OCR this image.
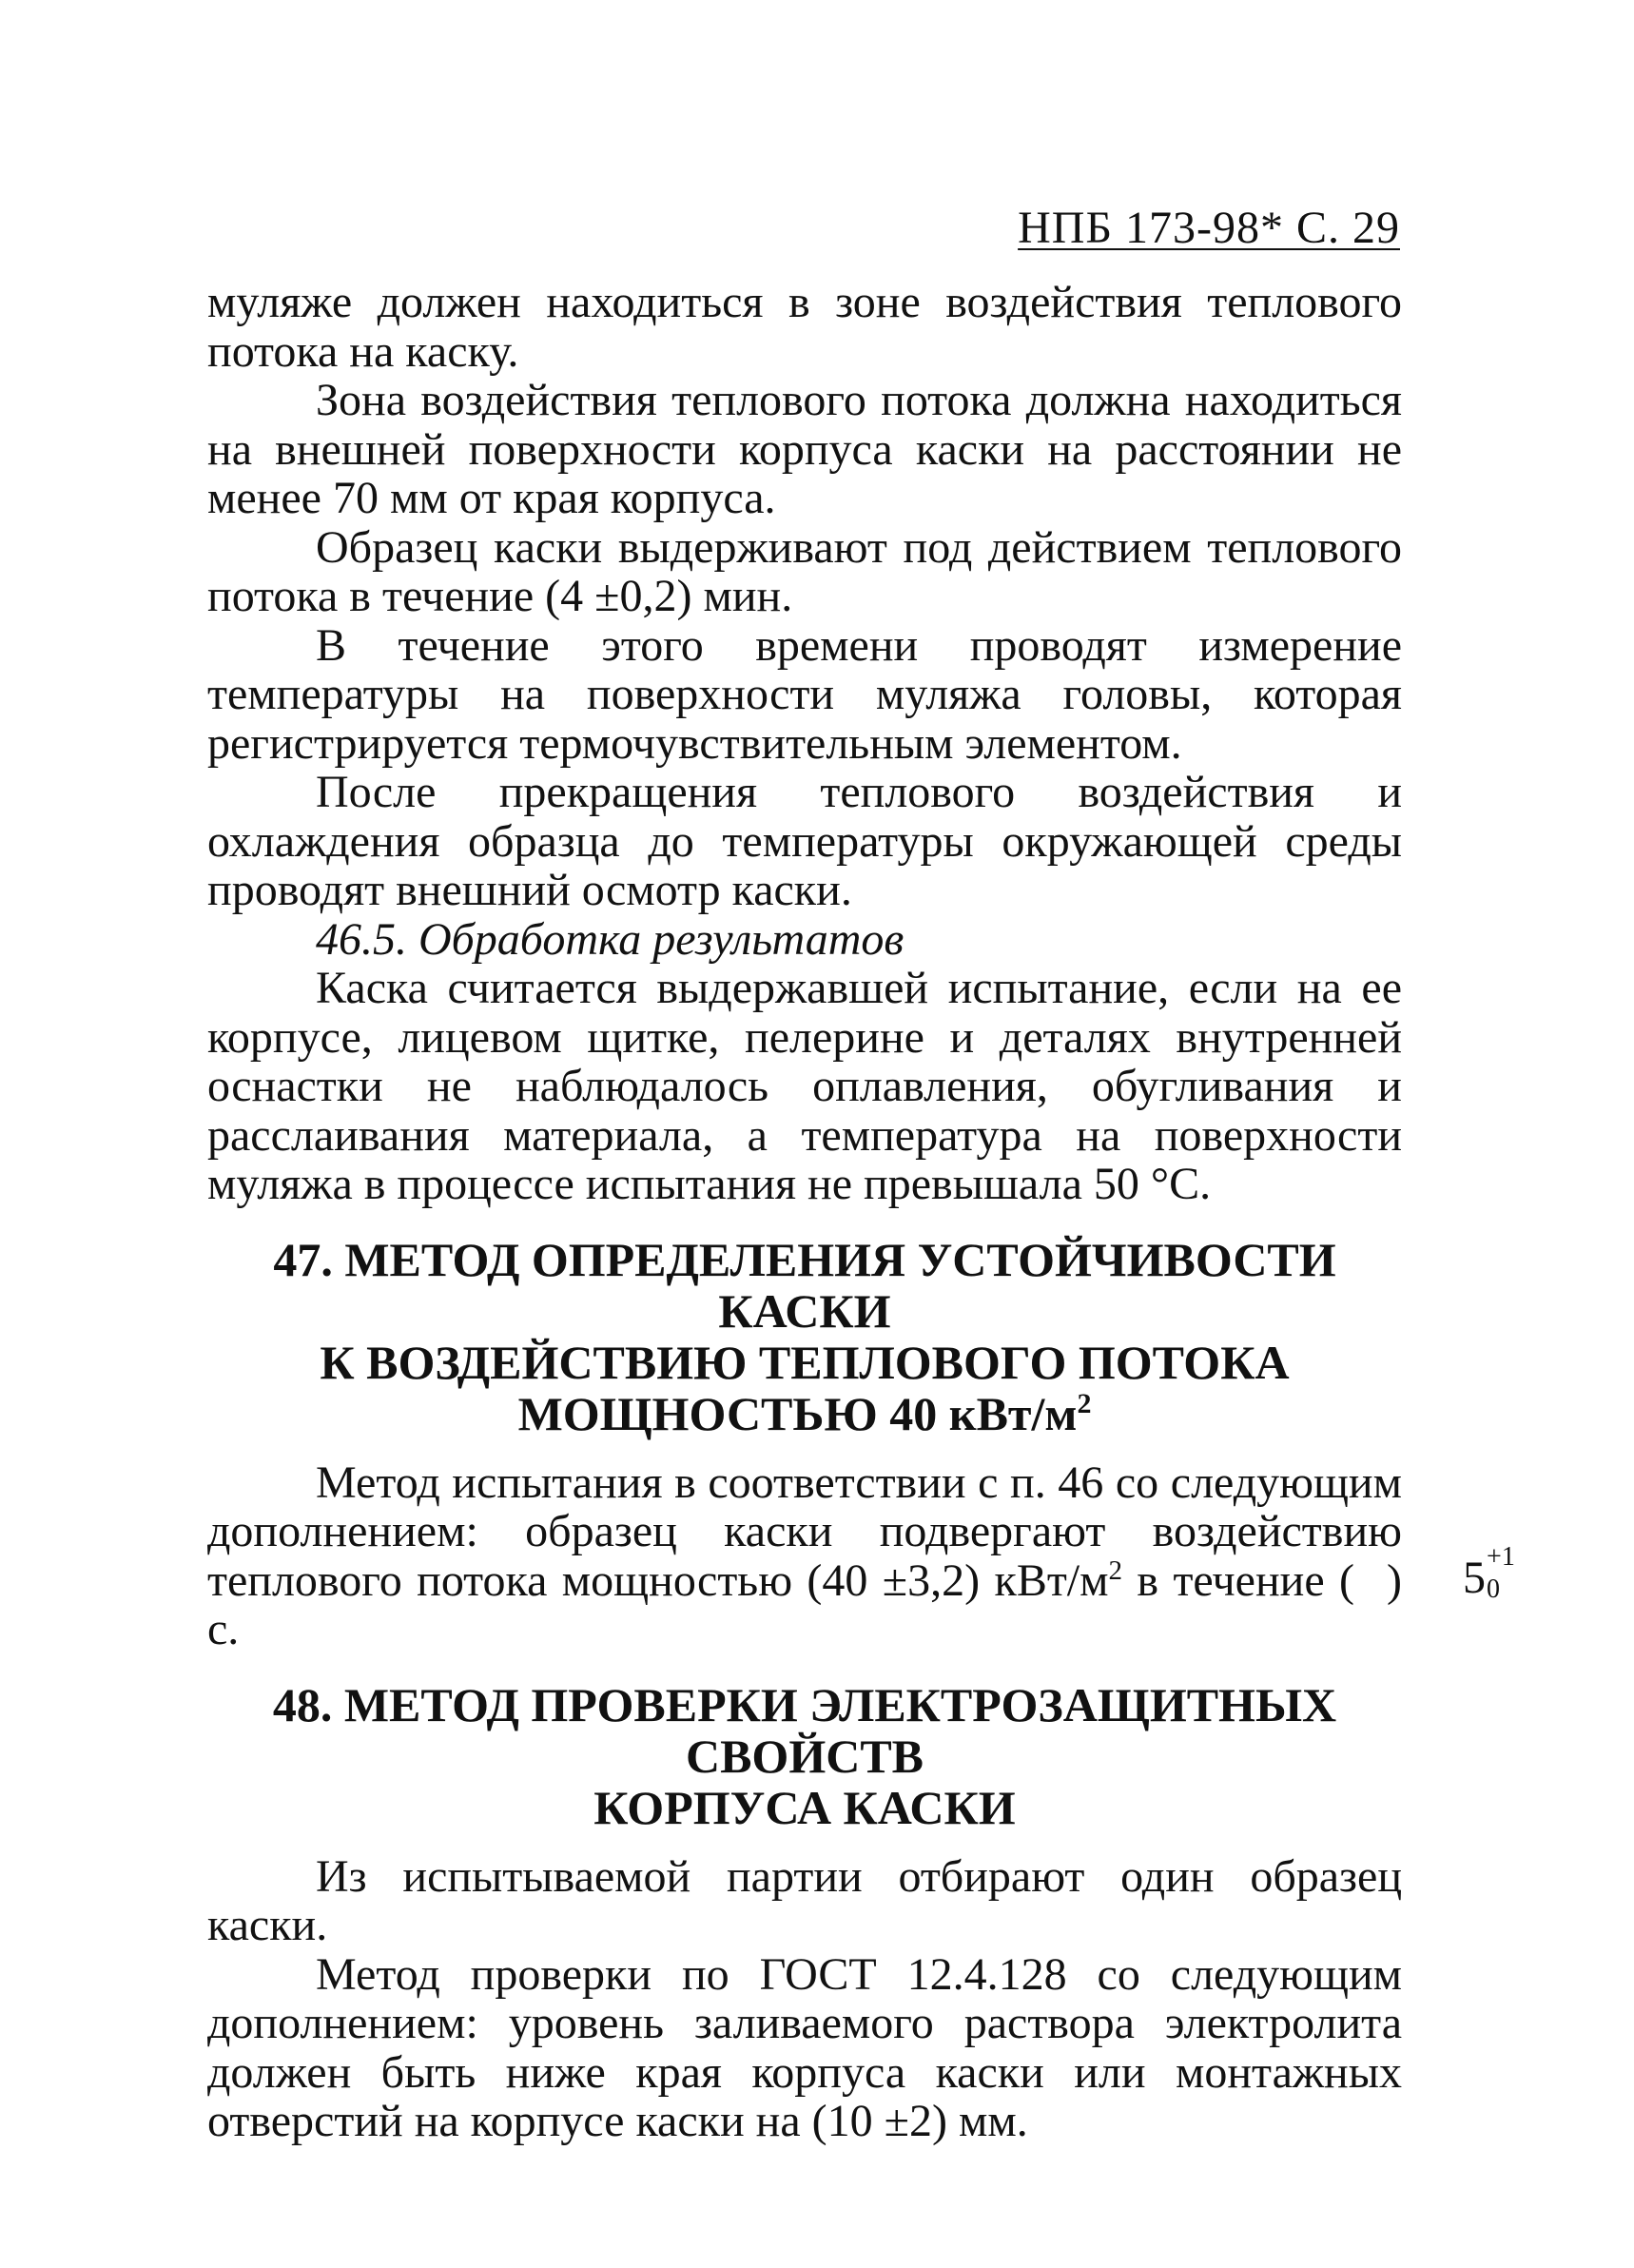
НПБ 173-98* С. 29

муляже должен находиться в зоне воздействия теплового потока на каску.

Зона воздействия теплового потока должна находиться на внешней поверхности корпуса каски на расстоянии не менее 70 мм от края корпуса.

Образец каски выдерживают под действием теплового потока в течение (4 ±0,2) мин.

В течение этого времени проводят измерение температуры на поверхности муляжа головы, которая регистрируется термочувствительным элементом.

После прекращения теплового воздействия и охлаждения образца до температуры окружающей среды проводят внешний осмотр каски.

46.5. Обработка результатов

Каска считается выдержавшей испытание, если на ее корпусе, лицевом щитке, пелерине и деталях внутренней оснастки не наблюдалось оплавления, обугливания и расслаивания материала, а температура на поверхности муляжа в процессе испытания не превышала 50 °С.

47. МЕТОД ОПРЕДЕЛЕНИЯ УСТОЙЧИВОСТИ КАСКИ
К ВОЗДЕЙСТВИЮ ТЕПЛОВОГО ПОТОКА
МОЩНОСТЬЮ 40 кВт/$м^2$

Метод испытания в соответствии с п. 46 со следующим дополнением: образец каски подвергают воздействию теплового потока мощностью (40 ±3,2) кВт/$м^2$ в течение (	5 +1
0
) с.

48. МЕТОД ПРОВЕРКИ ЭЛЕКТРОЗАЩИТНЫХ СВОЙСТВ
КОРПУСА КАСКИ

Из испытываемой партии отбирают один образец каски.

Метод проверки по ГОСТ 12.4.128 со следующим дополнением: уровень заливаемого раствора электролита должен быть ниже края корпуса каски или монтажных отверстий на корпусе каски на (10 ±2) мм.
